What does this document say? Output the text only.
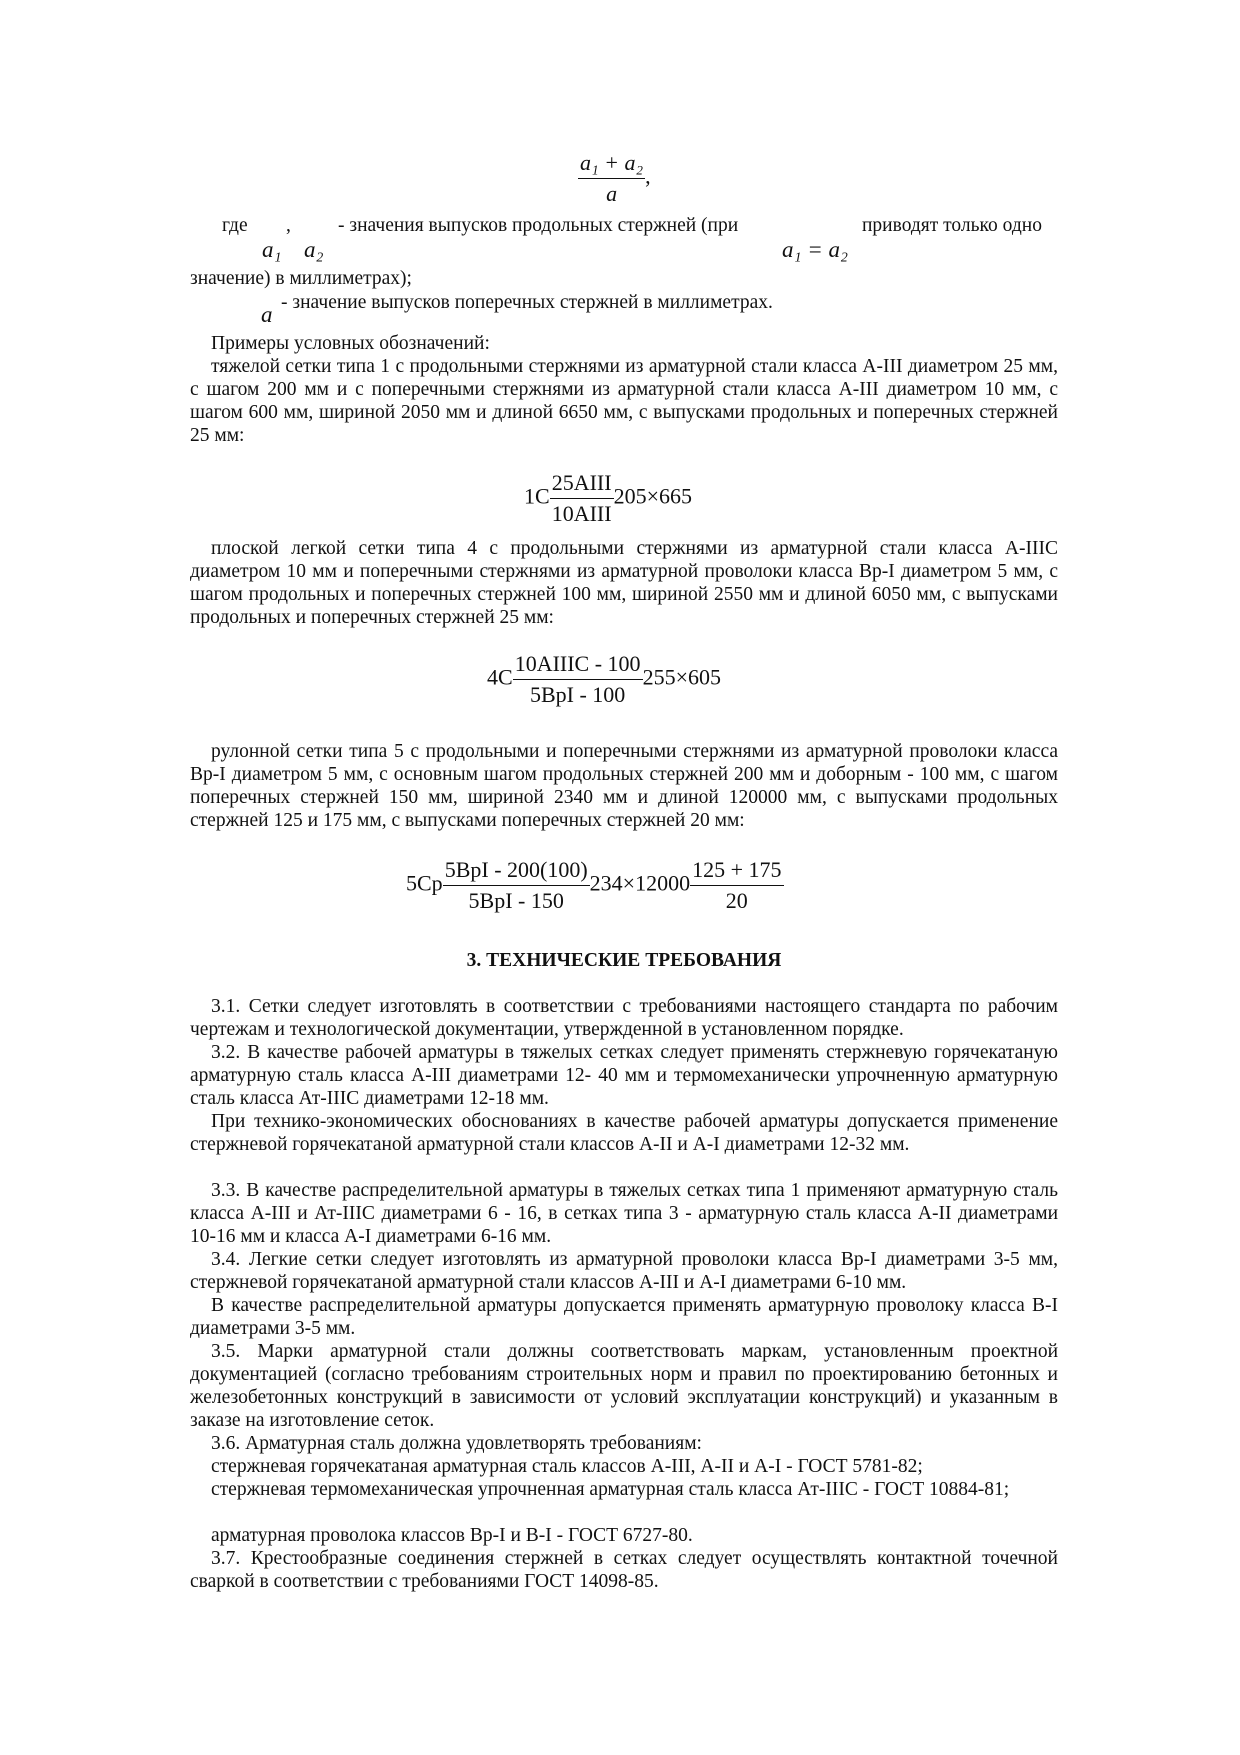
$\frac{\text{a₁ + a₂}}{a}$ ,
где , - значения выпусков продольных стержней (при	приводят только одно
a₁ a₂	a₁ = a₂
значение) в миллиметрах);
- значение выпусков поперечных стержней в миллиметрах.
a

Примеры условных обозначений:

тяжелой сетки типа 1 с продольными стержнями из арматурной стали класса А-III диаметром 25 мм, с шагом 200 мм и с поперечными стержнями из арматурной стали класса А-III диаметром 10 мм, с шагом 600 мм, шириной 2050 мм и длиной 6650 мм, с выпусками продольных и поперечных стержней 25 мм:

$1С \frac{\text{25AIII}}{\text{10AIII}} 205\times 665$

плоской легкой сетки типа 4 с продольными стержнями из арматурной стали класса А-IIIС диаметром 10 мм и поперечными стержнями из арматурной проволоки класса Вр-I диаметром 5 мм, с шагом продольных и поперечных стержней 100 мм, шириной 2550 мм и длиной 6050 мм, с выпусками продольных и поперечных стержней 25 мм:

$4С \frac{\text{10AIIIC - 100}}{\text{5BpI - 100}} 255\times 605$

рулонной сетки типа 5 с продольными и поперечными стержнями из арматурной проволоки класса Вр-I диаметром 5 мм, с основным шагом продольных стержней 200 мм и доборным - 100 мм, с шагом поперечных стержней 150 мм, шириной 2340 мм и длиной 120000 мм, с выпусками продольных стержней 125 и 175 мм, с выпусками поперечных стержней 20 мм:

$5Cp \frac{\text{5BpI - 200(100)}}{\text{5BpI - 150}} 234\times 12000 \frac{125 + 175}{20}$

3. ТЕХНИЧЕСКИЕ ТРЕБОВАНИЯ

3.1. Сетки следует изготовлять в соответствии с требованиями настоящего стандарта по рабочим чертежам и технологической документации, утвержденной в установленном порядке.

3.2. В качестве рабочей арматуры в тяжелых сетках следует применять стержневую горячекатаную арматурную сталь класса А-III диаметрами 12- 40 мм и термомеханически упрочненную арматурную сталь класса Ат-IIIС диаметрами 12-18 мм.

При технико-экономических обоснованиях в качестве рабочей арматуры допускается применение стержневой горячекатаной арматурной стали классов А-II и А-I диаметрами 12-32 мм.

3.3. В качестве распределительной арматуры в тяжелых сетках типа 1 применяют арматурную сталь класса А-III и Ат-IIIС диаметрами 6 - 16, в сетках типа 3 - арматурную сталь класса А-II диаметрами 10-16 мм и класса А-I диаметрами 6-16 мм.

3.4. Легкие сетки следует изготовлять из арматурной проволоки класса Вр-I диаметрами 3-5 мм, стержневой горячекатаной арматурной стали классов А-III и А-I диаметрами 6-10 мм.

В качестве распределительной арматуры допускается применять арматурную проволоку класса В-I диаметрами 3-5 мм.

3.5. Марки арматурной стали должны соответствовать маркам, установленным проектной документацией (согласно требованиям строительных норм и правил по проектированию бетонных и железобетонных конструкций в зависимости от условий эксплуатации конструкций) и указанным в заказе на изготовление сеток.

3.6. Арматурная сталь должна удовлетворять требованиям:

стержневая горячекатаная арматурная сталь классов А-III, А-II и А-I - ГОСТ 5781-82;

стержневая термомеханическая упрочненная арматурная сталь класса Ат-IIIС - ГОСТ 10884-81;

арматурная проволока классов Вр-I и В-I - ГОСТ 6727-80.

3.7. Крестообразные соединения стержней в сетках следует осуществлять контактной точечной сваркой в соответствии с требованиями ГОСТ 14098-85.
